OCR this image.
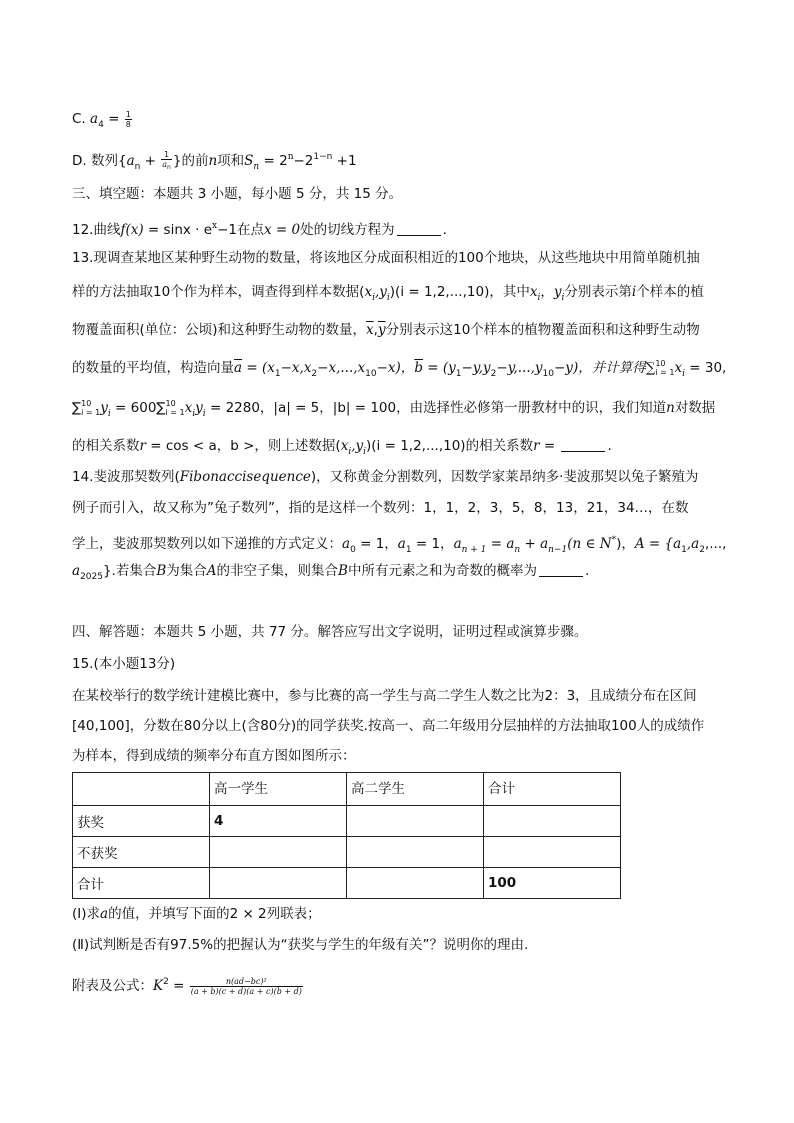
C. $a_4 = \frac{1}{8}$
D. 数列{$a_n + \frac{1}{a_n}$ }的前n项和$S_n = 2^n-2^{1-n} +1$
三、填空题：本题共 3 小题，每小题 5 分，共 15 分。
12.曲线$f(x) = \sin x \cdot e^x-1$在点x = 0处的切线方程为	.
13.现调查某地区某种野生动物的数量，将该地区分成面积相近的100个地块，从这些地块中用简单随机抽
样的方法抽取10个作为样本，调查得到样本数据$(x_i,y_i)(i = 1,2,...,10)$，其中$x_i$，$y_i$分别表示第i个样本的植
物覆盖面积(单位：公顷)和这种野生动物的数量，$\overline{x},\overline{y}$分别表示这10个样本的植物覆盖面积和这种野生动物
的数量的平均值，构造向量$\overline{a} = (x_1-x,x_2-x,...,x_{10}-x)$，$\overline{b} = (y_1-y,y_2-y,...,y_{10}-y)$，并计算得∑ 10
i = 1 $x_i = 30$,
∑ 10
i = 1 $y_i = 600\sum$ 10
i = 1 $x_iy_i = 2280$，|a| = 5，|b| = 100，由选择性必修第一册教材中的识，我们知道n对数据
的相关系数r = cos < a，b >，则上述数据$(x_i,y_i)(i = 1,2,...,10)$的相关系数r =	.
14.斐波那契数列(Fibonaccisequence)，又称黄金分割数列，因数学家莱昂纳多·斐波那契以兔子繁殖为
例子而引入，故又称为”兔子数列”，指的是这样一个数列：1，1，2，3，5，8，13，21，34…，在数
学上，斐波那契数列以如下递推的方式定义：$a_0 = 1$，$a_1 = 1$，$a_{n + 1} = a_n + a_{n-1}(n$ ∈ N*)，$A = \{a_1,a_2$,...,
$a_{2025}$}.若集合B为集合A的非空子集，则集合B中所有元素之和为奇数的概率为	.
四、解答题：本题共 5 小题，共 77 分。解答应写出文字说明，证明过程或演算步骤。
15.(本小题13分)
在某校举行的数学统计建模比赛中，参与比赛的高一学生与高二学生人数之比为2：3，且成绩分布在区间
[40,100]，分数在80分以上(含80分)的同学获奖.按高一、高二年级用分层抽样的方法抽取100人的成绩作
为样本，得到成绩的频率分布直方图如图所示：
	高一学生	高二学生	合计
获奖	4		
不获奖			
合计			100
(Ⅰ)求a的值，并填写下面的2 × 2列联表；
(Ⅱ)试判断是否有97.5%的把握认为“获奖与学生的年级有关”？说明你的理由.
附表及公式：$K^2 = \frac{\text{n(ad−bc)²}}{(a + b)(c + d)(a + c)(b + d)}$
